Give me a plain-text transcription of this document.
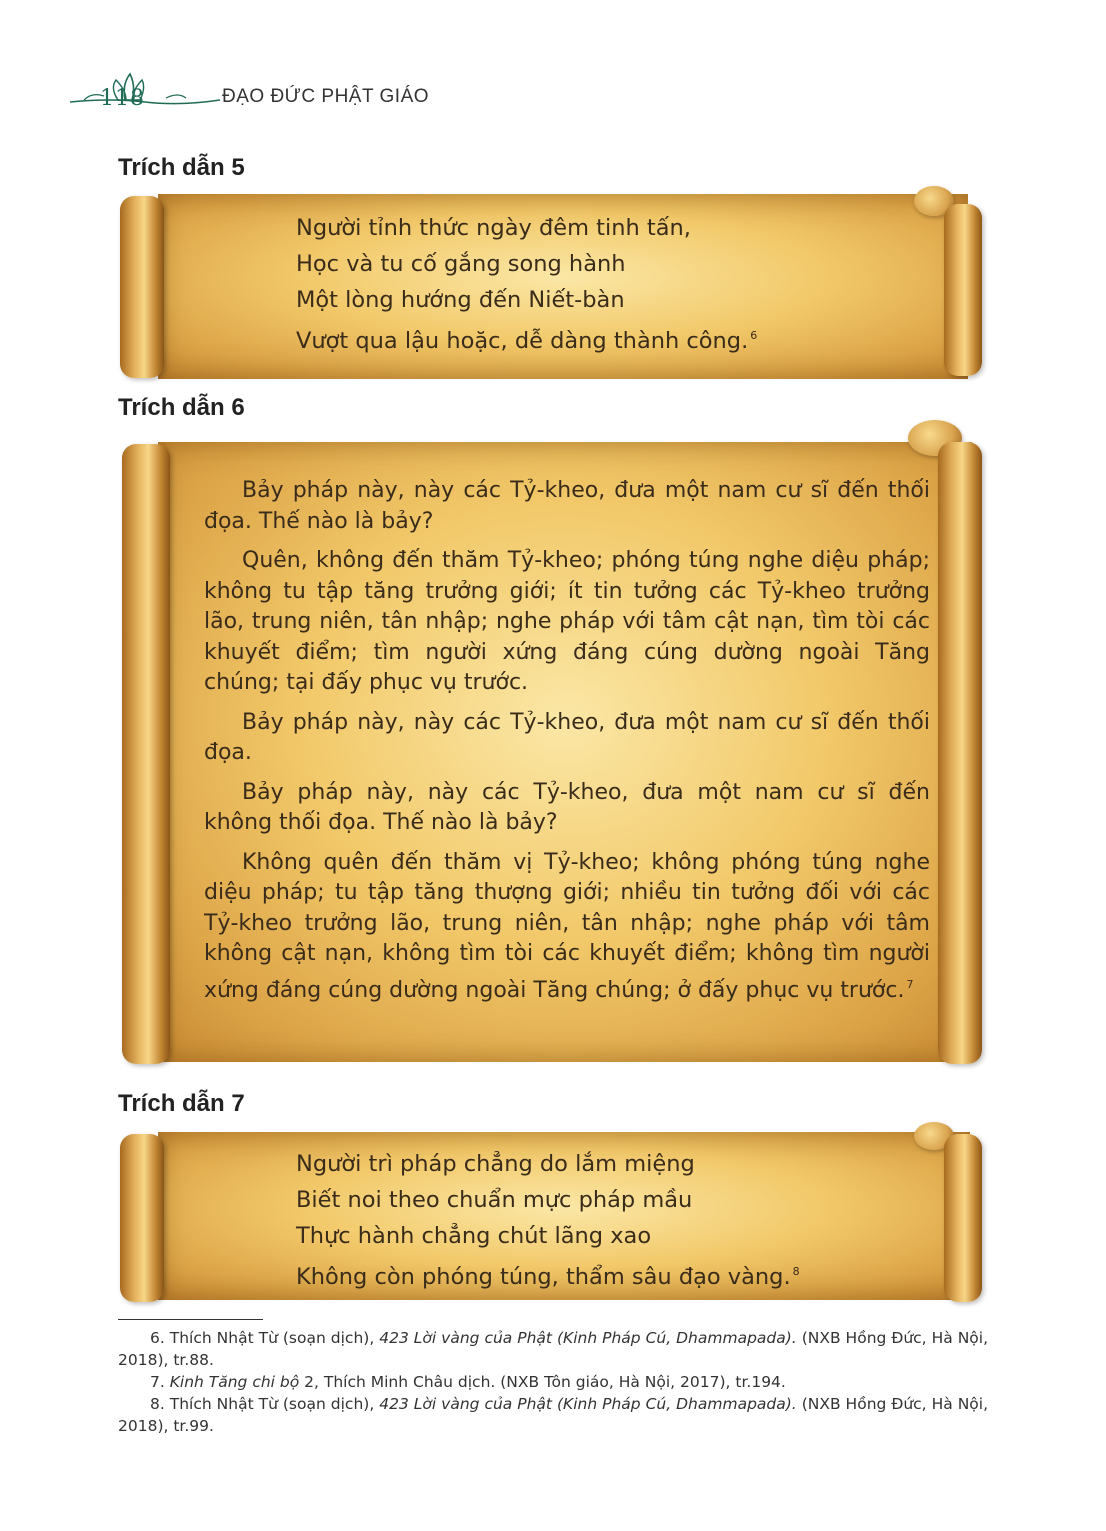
118	ĐẠO ĐỨC PHẬT GIÁO
Trích dẫn 5
Người tỉnh thức ngày đêm tinh tấn,
Học và tu cố gắng song hành
Một lòng hướng đến Niết-bàn
Vượt qua lậu hoặc, dễ dàng thành công. $^6$
Trích dẫn 6

Bảy pháp này, này các Tỷ-kheo, đưa một nam cư sĩ đến thối đọa. Thế nào là bảy?

Quên, không đến thăm Tỷ-kheo; phóng túng nghe diệu pháp; không tu tập tăng trưởng giới; ít tin tưởng các Tỷ-kheo trưởng lão, trung niên, tân nhập; nghe pháp với tâm cật nạn, tìm tòi các khuyết điểm; tìm người xứng đáng cúng dường ngoài Tăng chúng; tại đấy phục vụ trước.

Bảy pháp này, này các Tỷ-kheo, đưa một nam cư sĩ đến thối đọa.

Bảy pháp này, này các Tỷ-kheo, đưa một nam cư sĩ đến không thối đọa. Thế nào là bảy?

Không quên đến thăm vị Tỷ-kheo; không phóng túng nghe diệu pháp; tu tập tăng thượng giới; nhiều tin tưởng đối với các Tỷ-kheo trưởng lão, trung niên, tân nhập; nghe pháp với tâm không cật nạn, không tìm tòi các khuyết điểm; không tìm người xứng đáng cúng dường ngoài Tăng chúng; ở đấy phục vụ trước. $^7$

Trích dẫn 7
Người trì pháp chẳng do lắm miệng
Biết noi theo chuẩn mực pháp mầu
Thực hành chẳng chút lãng xao
Không còn phóng túng, thẩm sâu đạo vàng. $^8$
6. Thích Nhật Từ (soạn dịch), 423 Lời vàng của Phật (Kinh Pháp Cú, Dhammapada). (NXB Hồng Đức, Hà Nội, 2018), tr.88.
7. Kinh Tăng chi bộ 2, Thích Minh Châu dịch. (NXB Tôn giáo, Hà Nội, 2017), tr.194.
8. Thích Nhật Từ (soạn dịch), 423 Lời vàng của Phật (Kinh Pháp Cú, Dhammapada). (NXB Hồng Đức, Hà Nội, 2018), tr.99.
